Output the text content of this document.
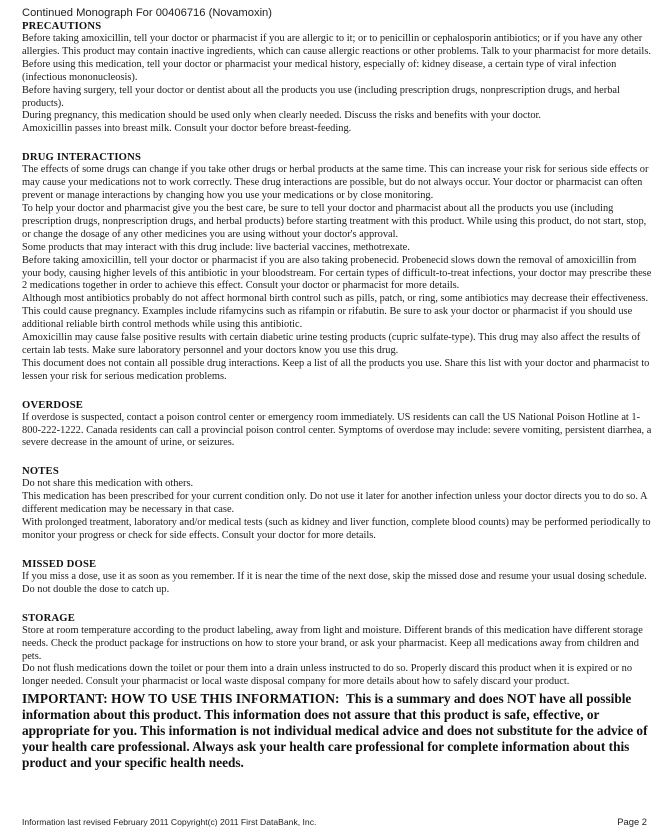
Continued Monograph For 00406716 (Novamoxin)
PRECAUTIONS

Before taking amoxicillin, tell your doctor or pharmacist if you are allergic to it; or to penicillin or cephalosporin antibiotics; or if you have any other allergies. This product may contain inactive ingredients, which can cause allergic reactions or other problems. Talk to your pharmacist for more details.

Before using this medication, tell your doctor or pharmacist your medical history, especially of: kidney disease, a certain type of viral infection (infectious mononucleosis).

Before having surgery, tell your doctor or dentist about all the products you use (including prescription drugs, nonprescription drugs, and herbal products).

During pregnancy, this medication should be used only when clearly needed. Discuss the risks and benefits with your doctor.

Amoxicillin passes into breast milk. Consult your doctor before breast-feeding.

DRUG INTERACTIONS

The effects of some drugs can change if you take other drugs or herbal products at the same time. This can increase your risk for serious side effects or may cause your medications not to work correctly. These drug interactions are possible, but do not always occur. Your doctor or pharmacist can often prevent or manage interactions by changing how you use your medications or by close monitoring.

To help your doctor and pharmacist give you the best care, be sure to tell your doctor and pharmacist about all the products you use (including prescription drugs, nonprescription drugs, and herbal products) before starting treatment with this product. While using this product, do not start, stop, or change the dosage of any other medicines you are using without your doctor's approval.

Some products that may interact with this drug include: live bacterial vaccines, methotrexate.

Before taking amoxicillin, tell your doctor or pharmacist if you are also taking probenecid. Probenecid slows down the removal of amoxicillin from your body, causing higher levels of this antibiotic in your bloodstream. For certain types of difficult-to-treat infections, your doctor may prescribe these 2 medications together in order to achieve this effect. Consult your doctor or pharmacist for more details.

Although most antibiotics probably do not affect hormonal birth control such as pills, patch, or ring, some antibiotics may decrease their effectiveness. This could cause pregnancy. Examples include rifamycins such as rifampin or rifabutin. Be sure to ask your doctor or pharmacist if you should use additional reliable birth control methods while using this antibiotic.

Amoxicillin may cause false positive results with certain diabetic urine testing products (cupric sulfate-type). This drug may also affect the results of certain lab tests. Make sure laboratory personnel and your doctors know you use this drug.

This document does not contain all possible drug interactions. Keep a list of all the products you use. Share this list with your doctor and pharmacist to lessen your risk for serious medication problems.

OVERDOSE

If overdose is suspected, contact a poison control center or emergency room immediately. US residents can call the US National Poison Hotline at 1-800-222-1222. Canada residents can call a provincial poison control center. Symptoms of overdose may include: severe vomiting, persistent diarrhea, a severe decrease in the amount of urine, or seizures.

NOTES

Do not share this medication with others.

This medication has been prescribed for your current condition only. Do not use it later for another infection unless your doctor directs you to do so. A different medication may be necessary in that case.

With prolonged treatment, laboratory and/or medical tests (such as kidney and liver function, complete blood counts) may be performed periodically to monitor your progress or check for side effects. Consult your doctor for more details.

MISSED DOSE

If you miss a dose, use it as soon as you remember. If it is near the time of the next dose, skip the missed dose and resume your usual dosing schedule. Do not double the dose to catch up.

STORAGE

Store at room temperature according to the product labeling, away from light and moisture. Different brands of this medication have different storage needs. Check the product package for instructions on how to store your brand, or ask your pharmacist. Keep all medications away from children and pets.

Do not flush medications down the toilet or pour them into a drain unless instructed to do so. Properly discard this product when it is expired or no longer needed. Consult your pharmacist or local waste disposal company for more details about how to safely discard your product.

IMPORTANT: HOW TO USE THIS INFORMATION: This is a summary and does NOT have all possible information about this product. This information does not assure that this product is safe, effective, or appropriate for you. This information is not individual medical advice and does not substitute for the advice of your health care professional. Always ask your health care professional for complete information about this product and your specific health needs.
Information last revised February 2011 Copyright(c) 2011 First DataBank, Inc.	Page 2
